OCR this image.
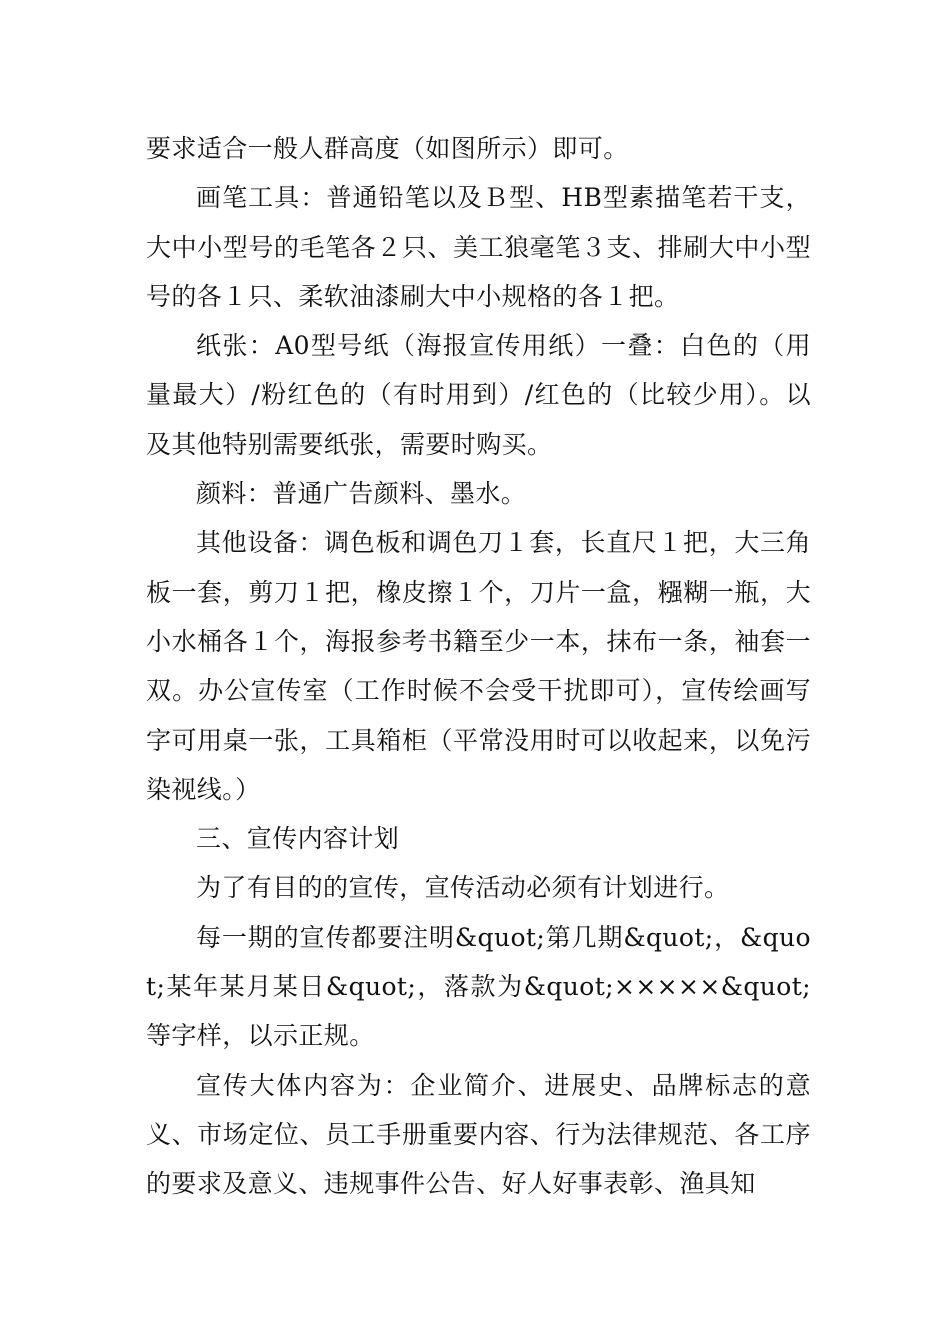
要求适合一般人群高度（如图所示）即可。

画笔工具：普通铅笔以及Ｂ型、HB型素描笔若干支，大中小型号的毛笔各２只、美工狼毫笔３支、排刷大中小型号的各１只、柔软油漆刷大中小规格的各１把。

纸张：A0型号纸（海报宣传用纸）一叠：白色的（用量最大）/粉红色的（有时用到）/红色的（比较少用）。以及其他特别需要纸张，需要时购买。

颜料：普通广告颜料、墨水。

其他设备：调色板和调色刀１套，长直尺１把，大三角板一套，剪刀１把，橡皮擦１个，刀片一盒，糨糊一瓶，大小水桶各１个，海报参考书籍至少一本，抹布一条，袖套一双。办公宣传室（工作时候不会受干扰即可），宣传绘画写字可用桌一张，工具箱柜（平常没用时可以收起来，以免污染视线。）

三、宣传内容计划

为了有目的的宣传，宣传活动必须有计划进行。

每一期的宣传都要注明&quot;第几期&quot;，&quot;某年某月某日&quot;，落款为&quot;×××××&quot;等字样，以示正规。

宣传大体内容为：企业简介、进展史、品牌标志的意义、市场定位、员工手册重要内容、行为法律规范、各工序的要求及意义、违规事件公告、好人好事表彰、渔具知
